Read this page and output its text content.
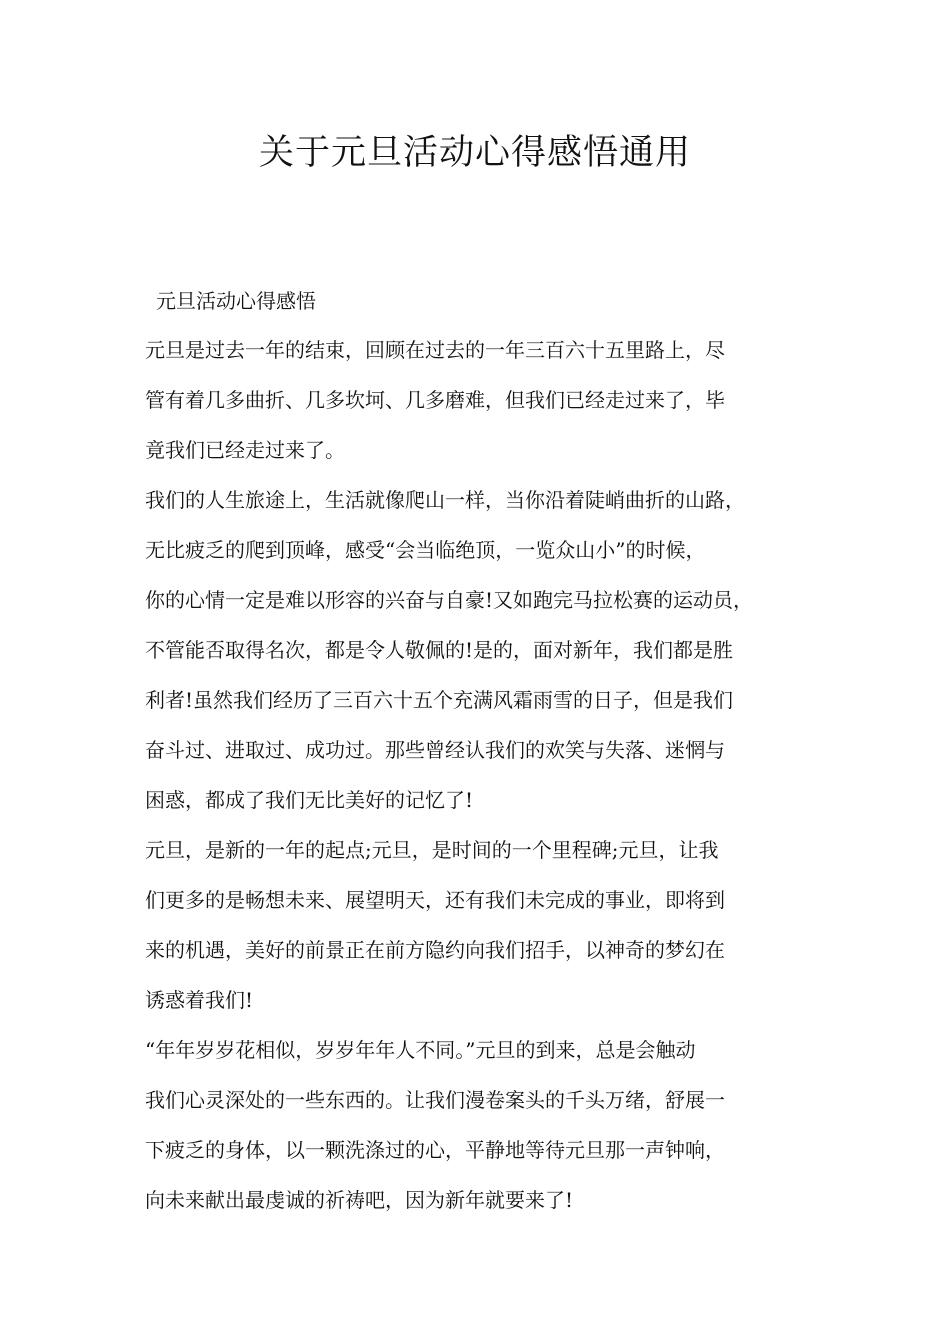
关于元旦活动心得感悟通用
元旦活动心得感悟
元旦是过去一年的结束，回顾在过去的一年三百六十五里路上，尽
管有着几多曲折、几多坎坷、几多磨难，但我们已经走过来了，毕
竟我们已经走过来了。
我们的人生旅途上，生活就像爬山一样，当你沿着陡峭曲折的山路，
无比疲乏的爬到顶峰，感受“会当临绝顶，一览众山小”的时候，
你的心情一定是难以形容的兴奋与自豪!又如跑完马拉松赛的运动员，
不管能否取得名次，都是令人敬佩的!是的，面对新年，我们都是胜
利者!虽然我们经历了三百六十五个充满风霜雨雪的日子，但是我们
奋斗过、进取过、成功过。那些曾经认我们的欢笑与失落、迷惘与
困惑，都成了我们无比美好的记忆了!
元旦，是新的一年的起点;元旦，是时间的一个里程碑;元旦，让我
们更多的是畅想未来、展望明天，还有我们未完成的事业，即将到
来的机遇，美好的前景正在前方隐约向我们招手，以神奇的梦幻在
诱惑着我们!
“年年岁岁花相似，岁岁年年人不同。”元旦的到来，总是会触动
我们心灵深处的一些东西的。让我们漫卷案头的千头万绪，舒展一
下疲乏的身体，以一颗洗涤过的心，平静地等待元旦那一声钟响，
向未来献出最虔诚的祈祷吧，因为新年就要来了!
